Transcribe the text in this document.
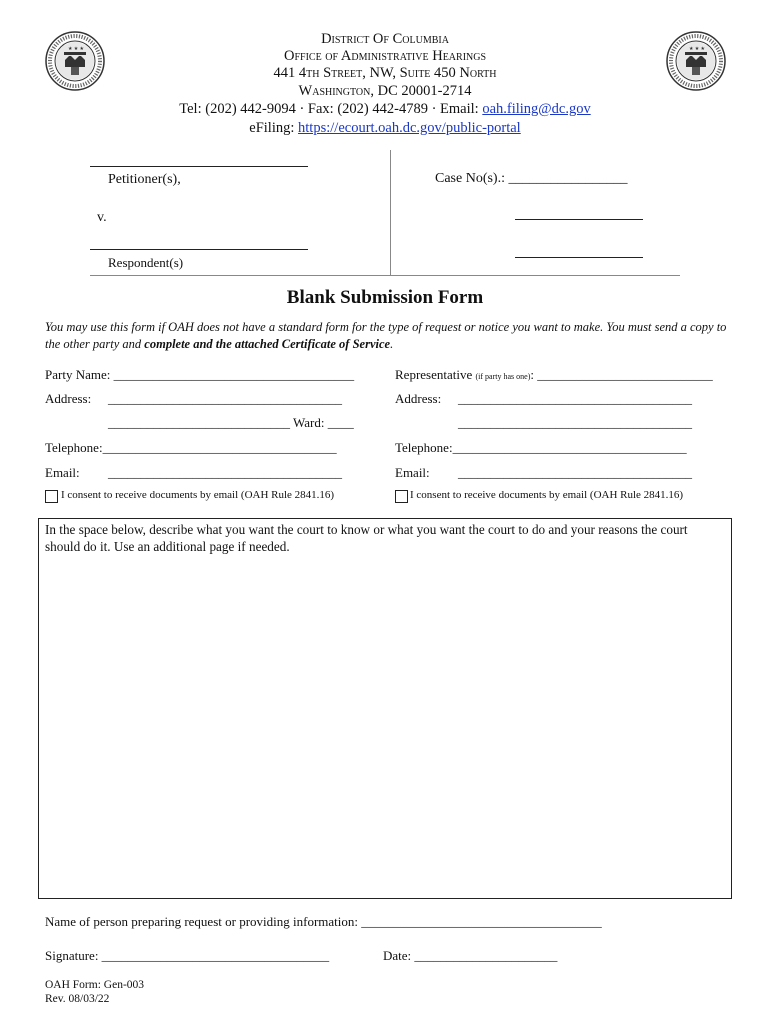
★ ★ ★	★ ★ ★
District Of Columbia
Office of Administrative Hearings
441 4th Street, NW, Suite 450 North
Washington, DC 20001-2714
Tel: (202) 442-9094 · Fax: (202) 442-4789 · Email: oah.filing@dc.gov
eFiling: https://ecourt.oah.dc.gov/public-portal
Petitioner(s),
v.
Respondent(s)
Case No(s).: _________________
Blank Submission Form
You may use this form if OAH does not have a standard form for the type of request or notice you want to make. You must send a copy to the other party and complete and the attached Certificate of Service.
Party Name: _____________________________________
Address: ____________________________________
____________________________ Ward: ____
Telephone:____________________________________
Email: ____________________________________
I consent to receive documents by email (OAH Rule 2841.16)
Representative (if party has one): ___________________________
Address: ____________________________________
____________________________________
Telephone:____________________________________
Email: ____________________________________
I consent to receive documents by email (OAH Rule 2841.16)
In the space below, describe what you want the court to know or what you want the court to do and your reasons the court should do it. Use an additional page if needed.
Name of person preparing request or providing information: _____________________________________
Signature: ___________________________________	Date: ______________________
OAH Form: Gen-003
Rev. 08/03/22
